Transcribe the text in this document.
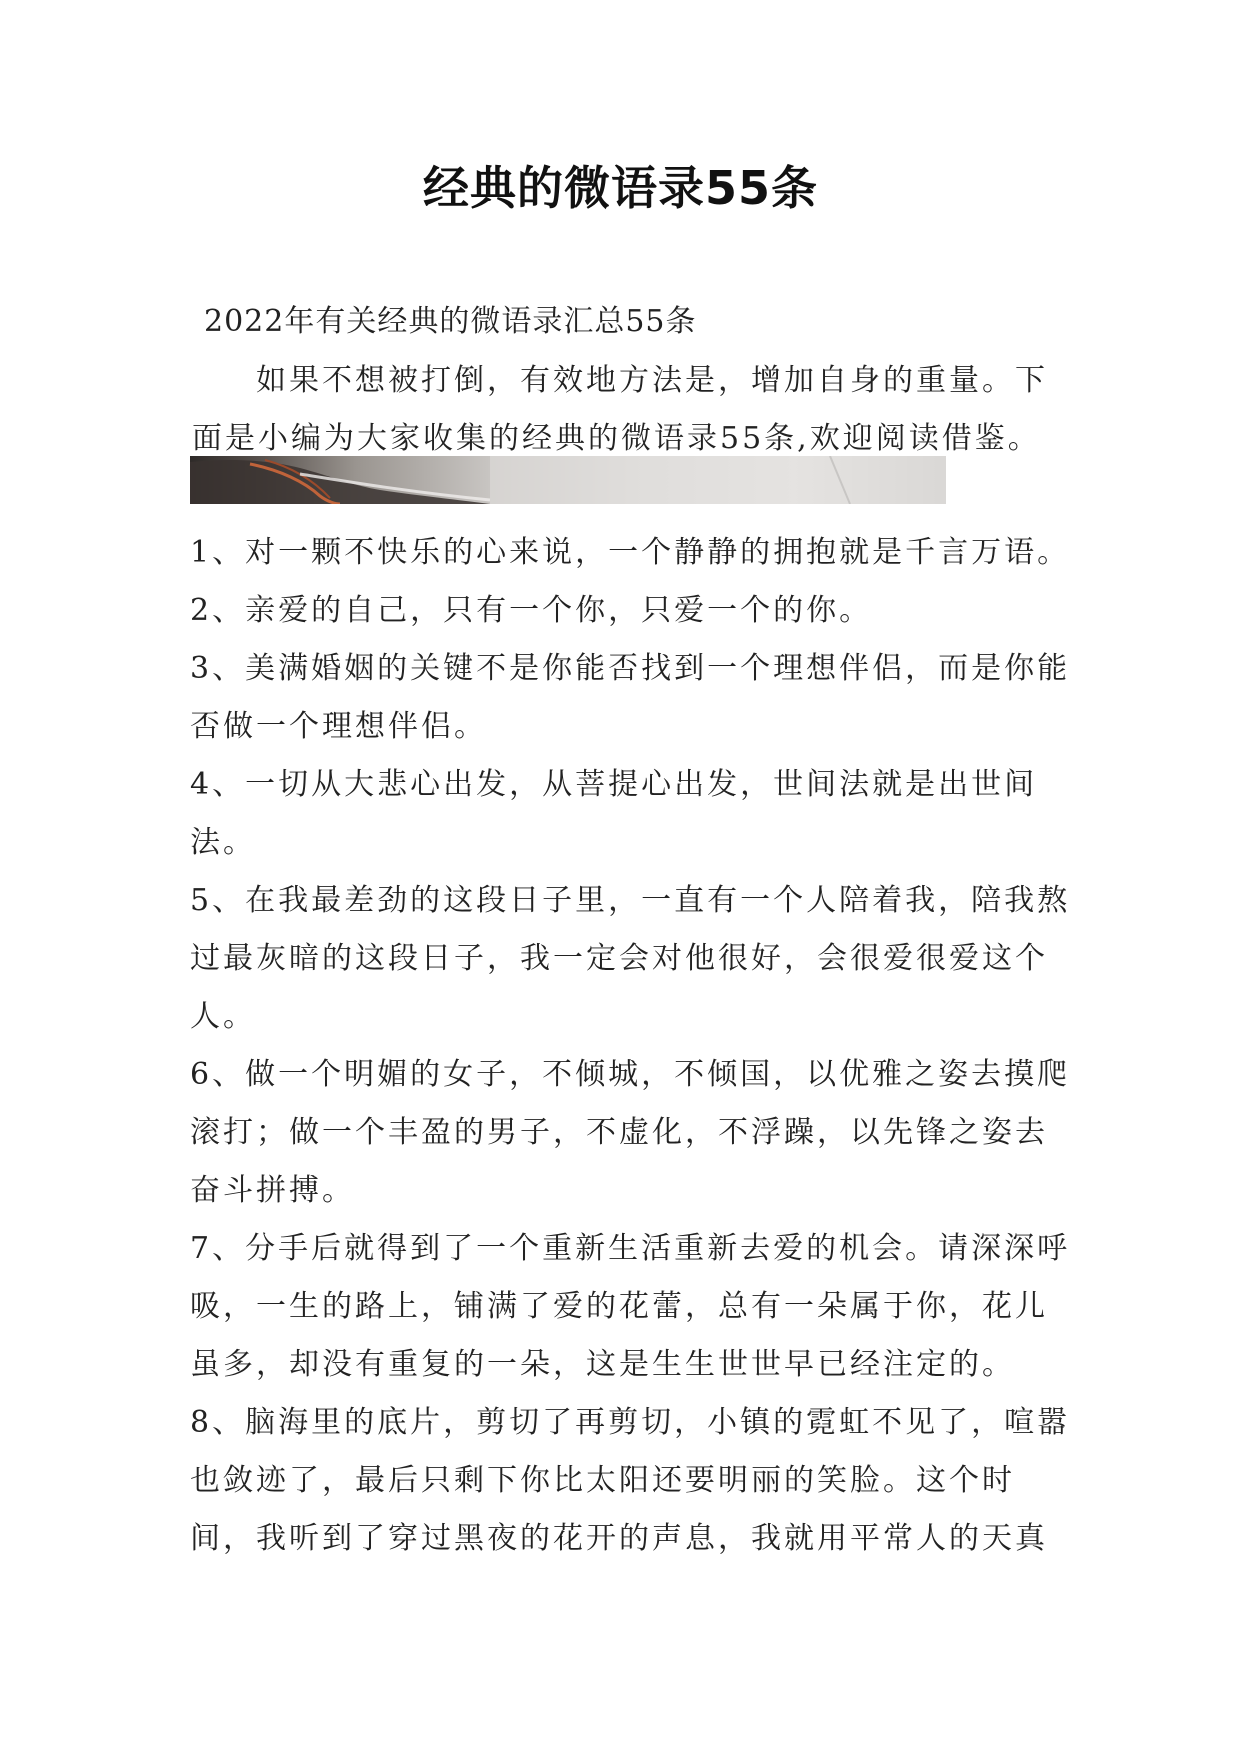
经典的微语录55条
2022年有关经典的微语录汇总55条
如果不想被打倒，有效地方法是，增加自身的重量。下面是小编为大家收集的经典的微语录55条,欢迎阅读借鉴。

1、对一颗不快乐的心来说，一个静静的拥抱就是千言万语。

2、亲爱的自己，只有一个你，只爱一个的你。

3、美满婚姻的关键不是你能否找到一个理想伴侣，而是你能否做一个理想伴侣。

4、一切从大悲心出发，从菩提心出发，世间法就是出世间法。

5、在我最差劲的这段日子里，一直有一个人陪着我，陪我熬过最灰暗的这段日子，我一定会对他很好，会很爱很爱这个人。

6、做一个明媚的女子，不倾城，不倾国，以优雅之姿去摸爬滚打；做一个丰盈的男子，不虚化，不浮躁，以先锋之姿去奋斗拼搏。

7、分手后就得到了一个重新生活重新去爱的机会。请深深呼吸，一生的路上，铺满了爱的花蕾，总有一朵属于你，花儿虽多，却没有重复的一朵，这是生生世世早已经注定的。

8、脑海里的底片，剪切了再剪切，小镇的霓虹不见了，喧嚣也敛迹了，最后只剩下你比太阳还要明丽的笑脸。这个时间，我听到了穿过黑夜的花开的声息，我就用平常人的天真
